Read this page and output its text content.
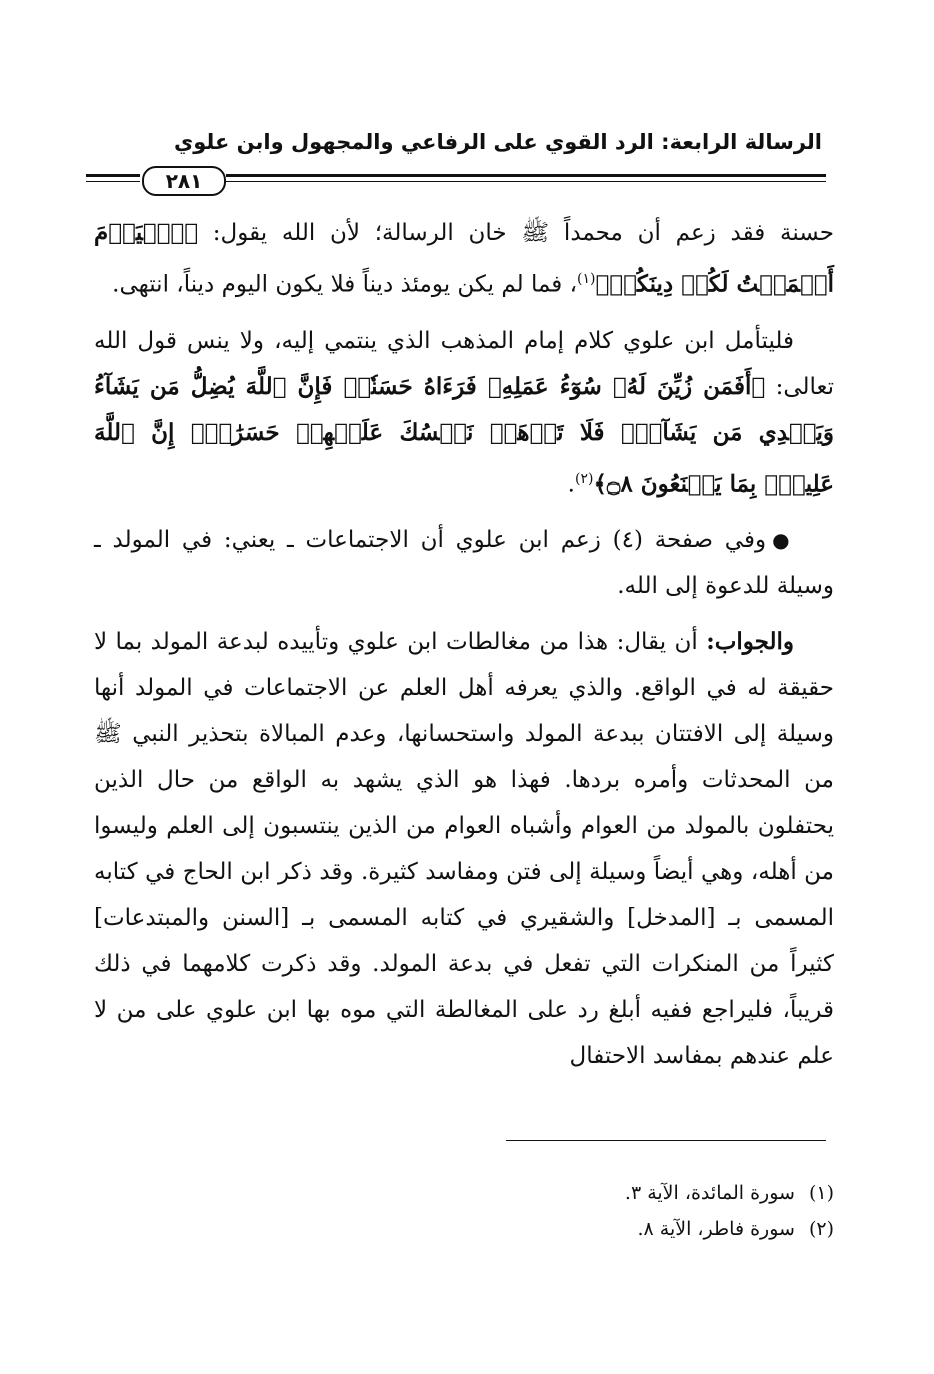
الرسالة الرابعة: الرد القوي على الرفاعي والمجهول وابن علوي
٢٨١

حسنة فقد زعم أن محمداً ﷺ خان الرسالة؛ لأن الله يقول: ﴿ٱلۡيَوۡمَ أَكۡمَلۡتُ لَكُمۡ دِينَكُمۡ﴾$^{(١)}$، فما لم يكن يومئذ ديناً فلا يكون اليوم ديناً، انتهى.

فليتأمل ابن علوي كلام إمام المذهب الذي ينتمي إليه، ولا ينس قول الله تعالى: ﴿أَفَمَن زُيِّنَ لَهُۥ سُوٓءُ عَمَلِهِۦ فَرَءَاهُ حَسَنٗاۖ فَإِنَّ ٱللَّهَ يُضِلُّ مَن يَشَآءُ وَيَهۡدِي مَن يَشَآءُۖ فَلَا تَذۡهَبۡ نَفۡسُكَ عَلَيۡهِمۡ حَسَرَٰتٍۚ إِنَّ ٱللَّهَ عَلِيمُۢ بِمَا يَصۡنَعُونَ ۝٨﴾$^{(٢)}$.

●وفي صفحة (٤) زعم ابن علوي أن الاجتماعات ـ يعني: في المولد ـ وسيلة للدعوة إلى الله.

والجواب: أن يقال: هذا من مغالطات ابن علوي وتأييده لبدعة المولد بما لا حقيقة له في الواقع. والذي يعرفه أهل العلم عن الاجتماعات في المولد أنها وسيلة إلى الافتتان ببدعة المولد واستحسانها، وعدم المبالاة بتحذير النبي ﷺ من المحدثات وأمره بردها. فهذا هو الذي يشهد به الواقع من حال الذين يحتفلون بالمولد من العوام وأشباه العوام من الذين ينتسبون إلى العلم وليسوا من أهله، وهي أيضاً وسيلة إلى فتن ومفاسد كثيرة. وقد ذكر ابن الحاج في كتابه المسمى بـ [المدخل] والشقيري في كتابه المسمى بـ [السنن والمبتدعات] كثيراً من المنكرات التي تفعل في بدعة المولد. وقد ذكرت كلامهما في ذلك قريباً، فليراجع ففيه أبلغ رد على المغالطة التي موه بها ابن علوي على من لا علم عندهم بمفاسد الاحتفال

(١)سورة المائدة، الآية ٣.

(٢)سورة فاطر، الآية ٨.
